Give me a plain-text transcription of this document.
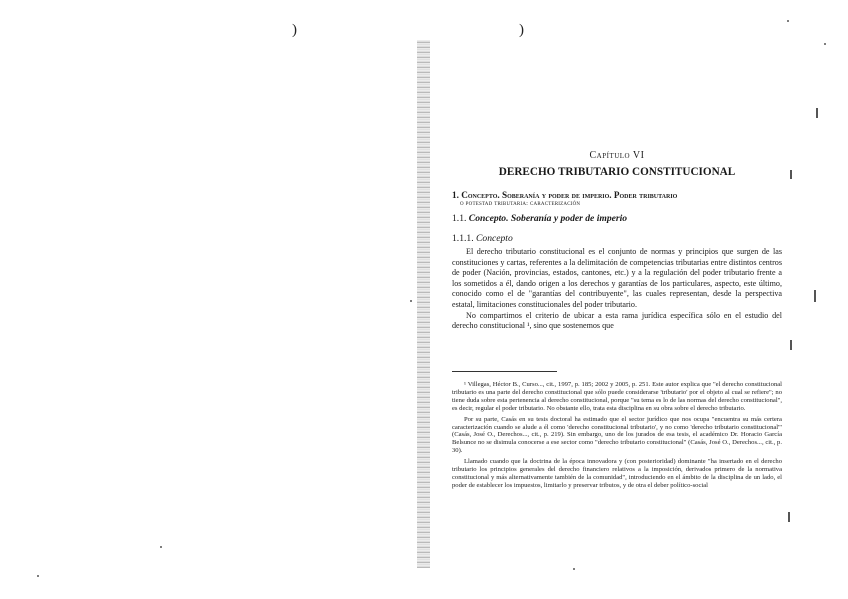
)	)
Capítulo VI
DERECHO TRIBUTARIO CONSTITUCIONAL
1. Concepto. Soberanía y poder de imperio. Poder tributario
o potestad tributaria: caracterización
1.1. Concepto. Soberanía y poder de imperio
1.1.1. Concepto

El derecho tributario constitucional es el conjunto de normas y principios que surgen de las constituciones y cartas, referentes a la delimitación de competencias tributarias entre distintos centros de poder (Nación, provincias, estados, cantones, etc.) y a la regulación del poder tributario frente a los sometidos a él, dando origen a los derechos y garantías de los particulares, aspecto, este último, conocido como el de "garantías del contribuyente", las cuales representan, desde la perspectiva estatal, limitaciones constitucionales del poder tributario.

No compartimos el criterio de ubicar a esta rama jurídica específica sólo en el estudio del derecho constitucional ¹, sino que sostenemos que

¹ Villegas, Héctor B., Curso..., cit., 1997, p. 185; 2002 y 2005, p. 251. Este autor explica que "el derecho constitucional tributario es una parte del derecho constitucional que sólo puede considerarse 'tributario' por el objeto al cual se refiere"; no tiene duda sobre esta pertenencia al derecho constitucional, porque "su tema es lo de las normas del derecho constitucional", es decir, regular el poder tributario. No obstante ello, trata esta disciplina en su obra sobre el derecho tributario.

Por su parte, Casás en su tesis doctoral ha estimado que el sector jurídico que nos ocupa "encuentra su más certera caracterización cuando se alude a él como 'derecho constitucional tributario', y no como 'derecho tributario constitucional'" (Casás, José O., Derechos..., cit., p. 219). Sin embargo, uno de los jurados de esa tesis, el académico Dr. Horacio García Belsunce no se disimula conocerse a ese sector como "derecho tributario constitucional" (Casás, José O., Derechos..., cit., p. 30).

Llamado cuando que la doctrina de la época innovadora y (con posterioridad) dominante "ha insertado en el derecho tributario los principios generales del derecho financiero relativos a la imposición, derivados primero de la normativa constitucional y más alternativamente también de la comunidad", introduciendo en el ámbito de la disciplina de un lado, el poder de establecer los impuestos, limitarlo y preservar tributos, y de otra el deber político-social
